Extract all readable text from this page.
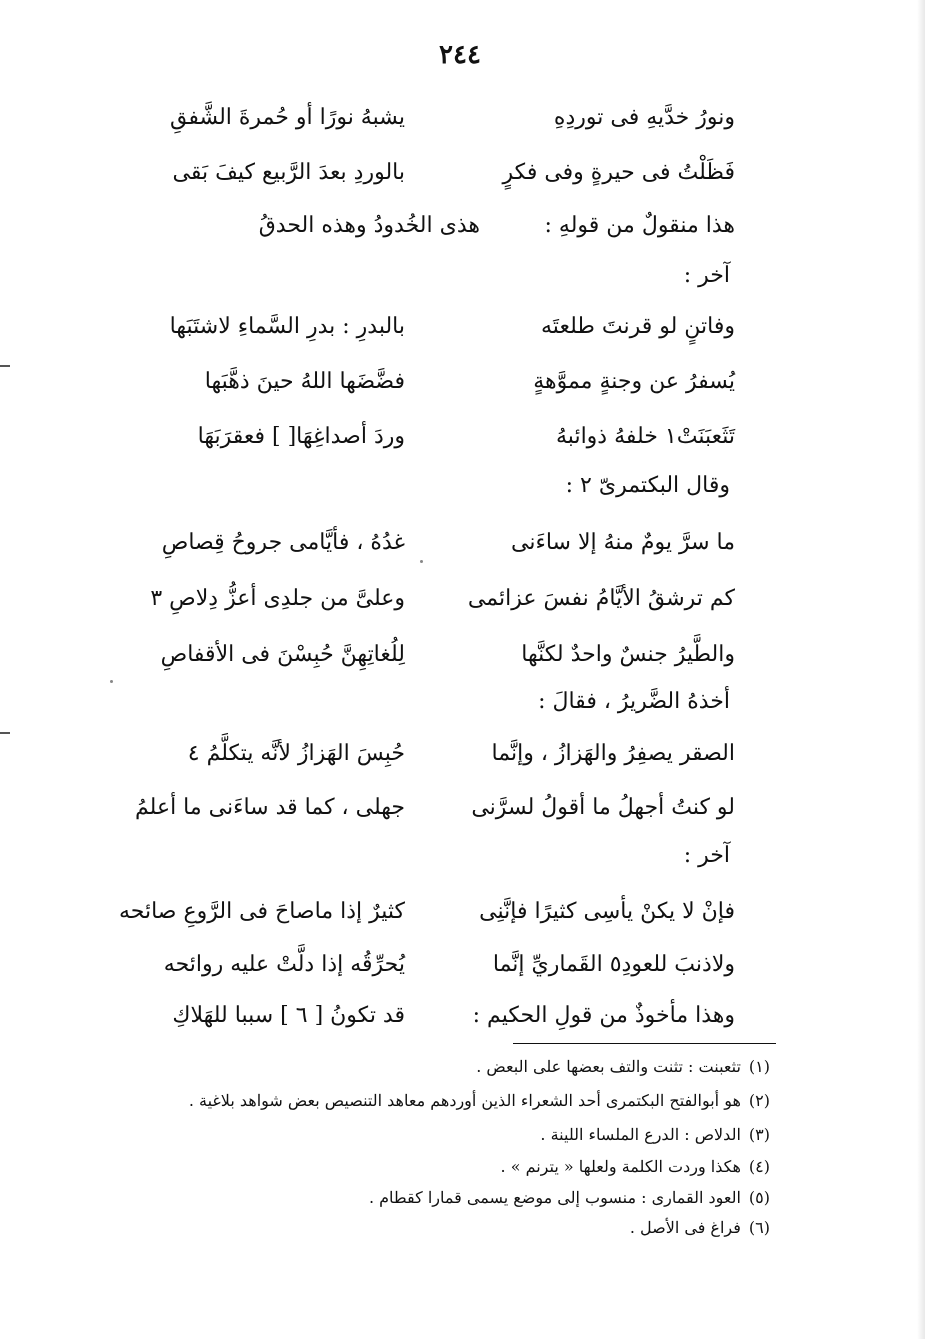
٢٤٤
ونورُ خدَّيهِ فى توردِهِ
يشبهُ نورًا أو حُمرةَ الشَّفقِ
فَظَلْتُ فى حيرةٍ وفى فكرٍ
بالوردِ بعدَ الرَّبيع كيفَ بَقى
هذا منقولٌ من قولهِ :
هذى الخُدودُ وهذه الحدقُ
آخر :
وفاتنٍ لو قرنتَ طلعتَه
بالبدرِ : بدرِ السَّماءِ لاشتَبَها
يُسفرُ عن وجنةٍ مموَّهةٍ
فضَّضَها اللهُ حينَ ذهَّبَها
تَثَعبَنَتْ١ خلفهُ ذوائبهُ
وردَ أصداغِهَا[ ] فعقرَبَهَا
وقال البكتمرىّ ٢ :
ما سرَّ يومٌ منهُ إلا ساءَنى
غدُهُ ، فأيَّامى جروحُ قِصاصِ
كم ترشقُ الأيَّامُ نفسَ عزائمى
وعلىَّ من جلدِى أعزُّ دِلاصِ ٣
والطَّيرُ جنسٌ واحدٌ لكنَّها
لِلُغاتِهِنَّ حُبِسْنَ فى الأقفاصِ
أخذهُ الضَّريرُ ، فقالَ :
الصقر يصفِرُ والهَزازُ ، وإنَّما
حُبِسَ الهَزازُ لأنَّه يتكلَّمُ ٤
لو كنتُ أجهلُ ما أقولُ لسرَّنى
جهلى ، كما قد ساءَنى ما أعلمُ
آخر :
فإنْ لا يكنْ يأسِى كثيرًا فإنَّنِى
كثيرٌ إذا ماصاحَ فى الرَّوعِ صائحه
ولاذنبَ للعودِ٥ القَماريِّ إنَّما
يُحرِّقُه إذا دلَّتْ عليه روائحه
وهذا مأخوذٌ من قولِ الحكيم :
قد تكونُ [ ٦ ] سببا للهَلاكِ
(١)تثعبنت : تثنت والتف بعضها على البعض .
(٢)هو أبوالفتح البكتمرى أحد الشعراء الذين أوردهم معاهد التنصيص بعض شواهد بلاغية .
(٣)الدلاص : الدرع الملساء اللينة .
(٤)هكذا وردت الكلمة ولعلها « يترنم » .
(٥)العود القمارى : منسوب إلى موضع يسمى قمارا كقطام .
(٦)فراغ فى الأصل .
